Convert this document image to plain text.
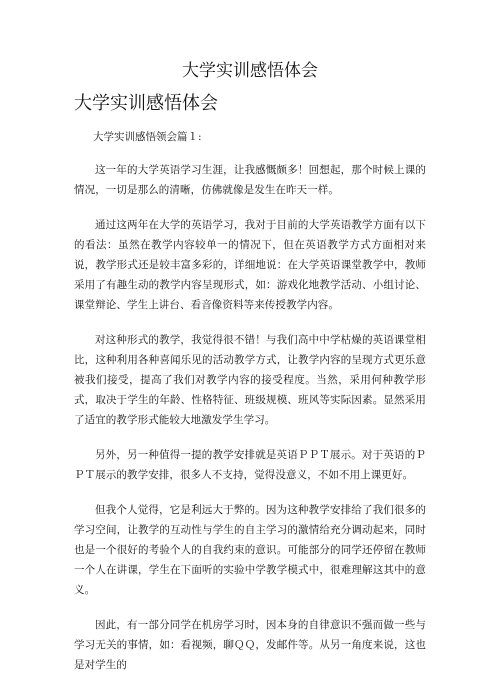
大学实训感悟体会
大学实训感悟体会

大学实训感悟领会篇１:

这一年的大学英语学习生涯，让我感慨颇多！回想起，那个时候上课的情况，一切是那么的清晰，仿佛就像是发生在昨天一样。

通过这两年在大学的英语学习，我对于目前的大学英语教学方面有以下的看法：虽然在教学内容较单一的情况下，但在英语教学方式方面相对来说，教学形式还是较丰富多彩的，详细地说：在大学英语课堂教学中，教师采用了有趣生动的教学内容呈现形式，如：游戏化地教学活动、小组讨论、课堂辩论、学生上讲台、看音像资料等来传授教学内容。

对这种形式的教学，我觉得很不错！与我们高中中学枯燥的英语课堂相比，这种利用各种喜闻乐见的活动教学方式，让教学内容的呈现方式更乐意被我们接受，提高了我们对教学内容的接受程度。当然，采用何种教学形式，取决于学生的年龄、性格特征、班级规模、班风等实际因素。显然采用了适宜的教学形式能较大地激发学生学习。

另外，另一种值得一提的教学安排就是英语ＰＰＴ展示。对于英语的ＰＰＴ展示的教学安排，很多人不支持，觉得没意义，不如不用上课更好。

但我个人觉得，它是利远大于弊的。因为这种教学安排给了我们很多的学习空间，让教学的互动性与学生的自主学习的激情给充分调动起来，同时也是一个很好的考验个人的自我约束的意识。可能部分的同学还停留在教师一个人在讲课，学生在下面听的实验中学教学模式中，很难理解这其中的意义。

因此，有一部分同学在机房学习时，因本身的自律意识不强而做一些与学习无关的事情，如：看视频，聊ＱＱ，发邮件等。从另一角度来说，这也是对学生的
